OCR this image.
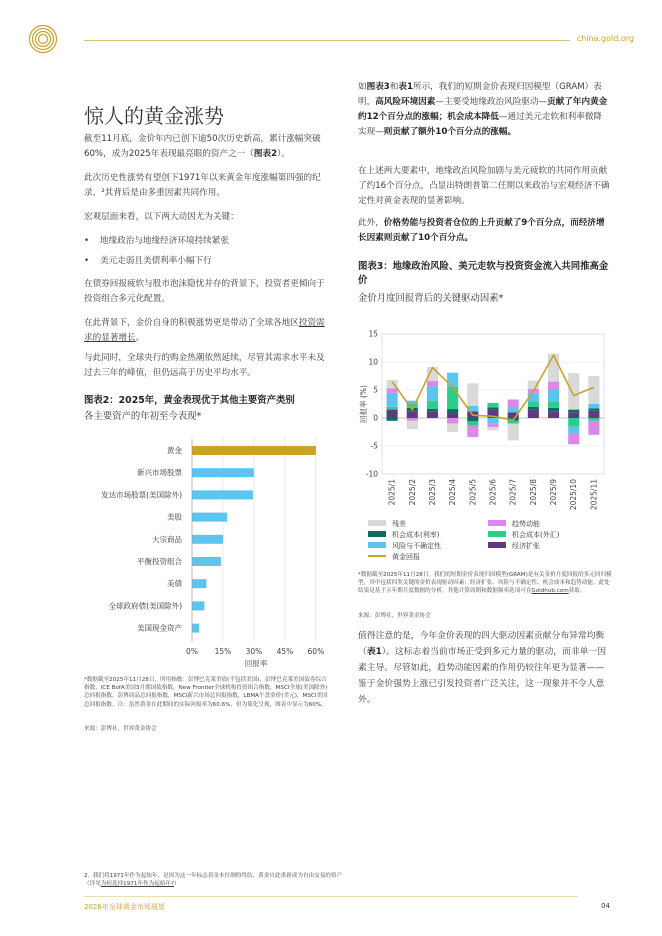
china.gold.org
惊人的黄金涨势
截至11月底，金价年内已创下逾50次历史新高，累计涨幅突破60%，成为2025年表现最亮眼的资产之一（图表2）。
此次历史性涨势有望创下1971年以来黄金年度涨幅第四强的纪录，²其背后是由多重因素共同作用。
宏观层面来看，以下两大动因尤为关键：
• 地缘政治与地缘经济环境持续紧张
• 美元走弱且美债利率小幅下行
在债券回报疲软与股市泡沫隐忧并存的背景下，投资者更倾向于投资组合多元化配置。
在此背景下，金价自身的积极涨势更是带动了全球各地区投资需求的显著增长。
与此同时，全球央行的购金热潮依然延续，尽管其需求水平未及过去三年的峰值，但仍远高于历史平均水平。
图表2：2025年，黄金表现优于其他主要资产类别
各主要资产的年初至今表现*
0% 15% 30% 45% 60%
黄金
新兴市场股票
发达市场股票(美国除外)
美股
大宗商品
平衡投资组合
美债
全球政府债(美国除外)
美国现金资产
回报率
*数据截至2025年11月28日，所用指数：彭博巴克莱美债(不包括美国)，彭博巴克莱美国债券综合指数，ICE BofA美国3月期国债指数，New Frontier全球机构投资组合指数，MSCI全球(美国除外)总回报指数，彭博商品总回报指数，MSCI新兴市场总回报指数，LBMA午盘金价(美元)，MSCI美国总回报指数。注：虽然黄金在此期间的实际回报率为60.6%，但为简化呈现，图表中显示为60%。
来源：彭博社，世界黄金协会
2. 我们将1971年作为起始年，是因为这一年标志着金本位制的终结，黄金自此重新成为自由交易的资产（详见为何选择1971年作为起始年?）
如图表3和表1所示，我们的短期金价表现归因模型（GRAM）表明，高风险环境因素—主要受地缘政治风险驱动—贡献了年内黄金约12个百分点的涨幅；机会成本降低—通过美元走软和利率微降实现—则贡献了额外10个百分点的涨幅。
在上述两大要素中，地缘政治风险加剧与美元疲软的共同作用贡献了约16个百分点，凸显出特朗普第二任期以来政治与宏观经济不确定性对黄金表现的显著影响。
此外，价格势能与投资者仓位的上升贡献了9个百分点，而经济增长因素则贡献了10个百分点。
图表3：地缘政治风险、美元走软与投资资金流入共同推高金价
金价月度回报背后的关键驱动因素*
-10
-5
0
5
10
15
回报率 (%)
2025/1 2025/2 2025/3 2025/4 2025/5 2025/6 2025/7 2025/8 2025/9 2025/10 2025/11
残差	趋势动能
机会成本(利率)	机会成本(外汇)
风险与不确定性	经济扩张
黄金回报
*数据截至2025年11月28日。我们的短期金价表现归因模型(GRAM)是有关金价月度回报的多元回归模型，其中包括四类关键的金价表现驱动因素：经济扩张、风险与不确定性、机会成本和趋势动能。此处结果是基于五年期月度数据的分析。其他计算周期和数据频率选项可在Goldhub.com获取。
来源：彭博社，世界黄金协会
值得注意的是，今年金价表现的四大驱动因素贡献分布异常均衡（表1）。这标志着当前市场正受到多元力量的驱动，而非单一因素主导。尽管如此，趋势动能因素的作用仍较往年更为显著——鉴于金价强势上涨已引发投资者广泛关注，这一现象并不令人意外。
2026年全球黄金市场展望	04
